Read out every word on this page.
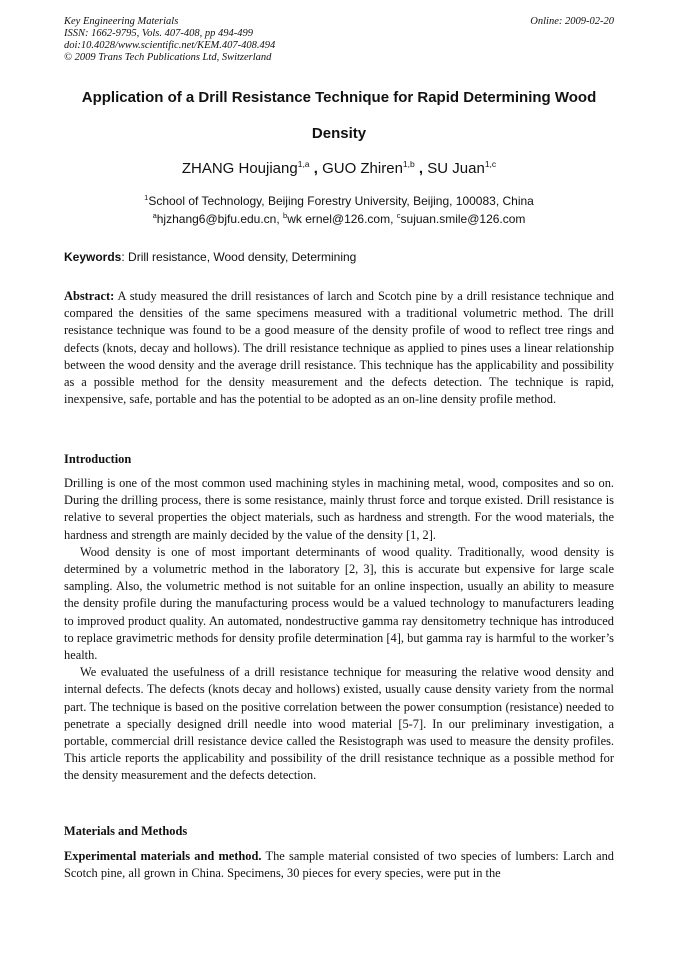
Key Engineering Materials
ISSN: 1662-9795, Vols. 407-408, pp 494-499
doi:10.4028/www.scientific.net/KEM.407-408.494
© 2009 Trans Tech Publications Ltd, Switzerland
Online: 2009-02-20
Application of a Drill Resistance Technique for Rapid Determining Wood
Density
ZHANG Houjiang$^{1,a}$ , GUO Zhiren$^{1,b}$ , SU Juan$^{1,c}$
$^1$School of Technology, Beijing Forestry University, Beijing, 100083, China
$^a$hjzhang6@bjfu.edu.cn, $^b$wk ernel@126.com, $^c$sujuan.smile@126.com
Keywords: Drill resistance, Wood density, Determining
Abstract: A study measured the drill resistances of larch and Scotch pine by a drill resistance technique and compared the densities of the same specimens measured with a traditional volumetric method. The drill resistance technique was found to be a good measure of the density profile of wood to reflect tree rings and defects (knots, decay and hollows). The drill resistance technique as applied to pines uses a linear relationship between the wood density and the average drill resistance. This technique has the applicability and possibility as a possible method for the density measurement and the defects detection. The technique is rapid, inexpensive, safe, portable and has the potential to be adopted as an on-line density profile method.
Introduction

Drilling is one of the most common used machining styles in machining metal, wood, composites and so on. During the drilling process, there is some resistance, mainly thrust force and torque existed. Drill resistance is relative to several properties the object materials, such as hardness and strength. For the wood materials, the hardness and strength are mainly decided by the value of the density [1, 2].

Wood density is one of most important determinants of wood quality. Traditionally, wood density is determined by a volumetric method in the laboratory [2, 3], this is accurate but expensive for large scale sampling. Also, the volumetric method is not suitable for an online inspection, usually an ability to measure the density profile during the manufacturing process would be a valued technology to manufacturers leading to improved product quality. An automated, nondestructive gamma ray densitometry technique has introduced to replace gravimetric methods for density profile determination [4], but gamma ray is harmful to the worker’s health.

We evaluated the usefulness of a drill resistance technique for measuring the relative wood density and internal defects. The defects (knots decay and hollows) existed, usually cause density variety from the normal part. The technique is based on the positive correlation between the power consumption (resistance) needed to penetrate a specially designed drill needle into wood material [5-7]. In our preliminary investigation, a portable, commercial drill resistance device called the Resistograph was used to measure the density profiles. This article reports the applicability and possibility of the drill resistance technique as a possible method for the density measurement and the defects detection.

Materials and Methods
Experimental materials and method. The sample material consisted of two species of lumbers: Larch and Scotch pine, all grown in China. Specimens, 30 pieces for every species, were put in the
